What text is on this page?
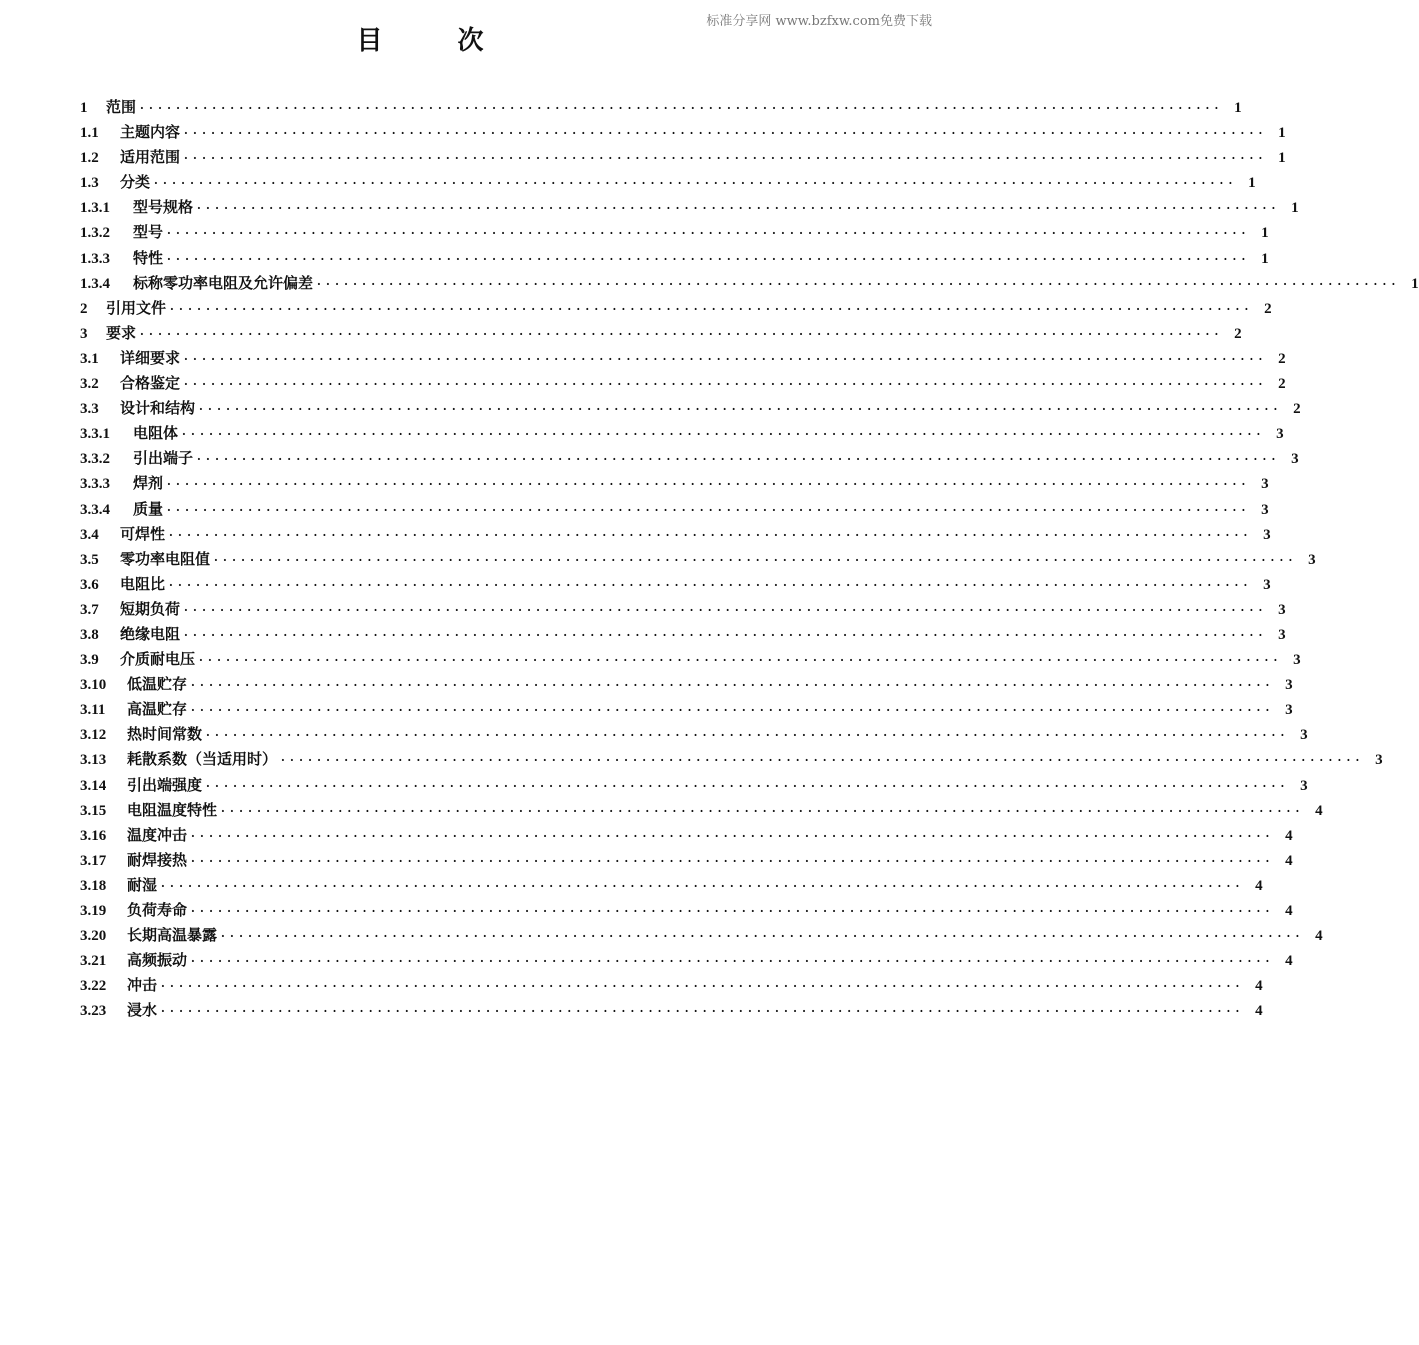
标准分享网 www.bzfxw.com免费下载
目	次
1	范围 ························································································································ 1
1.1	主题内容 ························································································································ 1
1.2	适用范围 ························································································································ 1
1.3	分类 ························································································································ 1
1.3.1	型号规格 ························································································································ 1
1.3.2	型号 ························································································································ 1
1.3.3	特性 ························································································································ 1
1.3.4	标称零功率电阻及允许偏差 ························································································································ 1
2	引用文件 ························································································································ 2
3	要求 ························································································································ 2
3.1	详细要求 ························································································································ 2
3.2	合格鉴定 ························································································································ 2
3.3	设计和结构 ························································································································ 2
3.3.1	电阻体 ························································································································ 3
3.3.2	引出端子 ························································································································ 3
3.3.3	焊剂 ························································································································ 3
3.3.4	质量 ························································································································ 3
3.4	可焊性 ························································································································ 3
3.5	零功率电阻值 ························································································································ 3
3.6	电阻比 ························································································································ 3
3.7	短期负荷 ························································································································ 3
3.8	绝缘电阻 ························································································································ 3
3.9	介质耐电压 ························································································································ 3
3.10	低温贮存 ························································································································ 3
3.11	高温贮存 ························································································································ 3
3.12	热时间常数 ························································································································ 3
3.13	耗散系数（当适用时） ························································································································ 3
3.14	引出端强度 ························································································································ 3
3.15	电阻温度特性 ························································································································ 4
3.16	温度冲击 ························································································································ 4
3.17	耐焊接热 ························································································································ 4
3.18	耐湿 ························································································································ 4
3.19	负荷寿命 ························································································································ 4
3.20	长期高温暴露 ························································································································ 4
3.21	高频振动 ························································································································ 4
3.22	冲击 ························································································································ 4
3.23	浸水 ························································································································ 4
